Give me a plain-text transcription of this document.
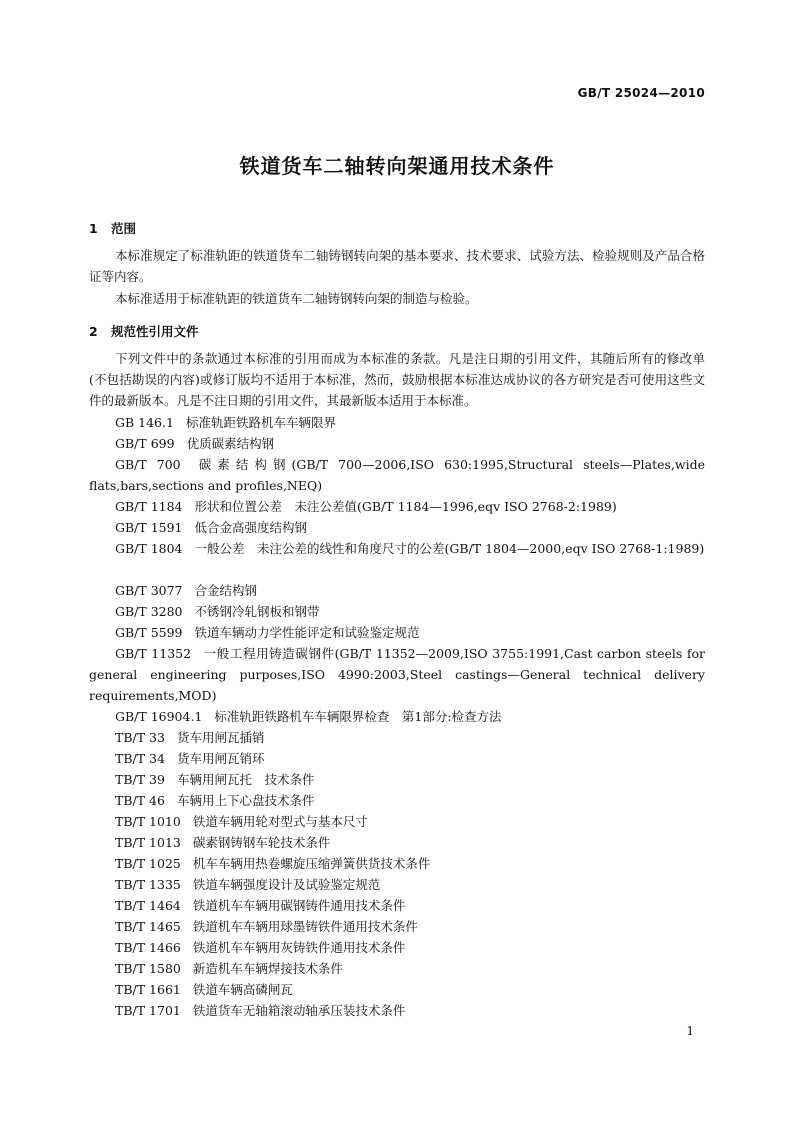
GB/T 25024—2010
铁道货车二轴转向架通用技术条件
1 范围
本标准规定了标准轨距的铁道货车二轴铸钢转向架的基本要求、技术要求、试验方法、检验规则及产品合格证等内容。
本标准适用于标准轨距的铁道货车二轴铸钢转向架的制造与检验。
2 规范性引用文件
下列文件中的条款通过本标准的引用而成为本标准的条款。凡是注日期的引用文件，其随后所有的修改单(不包括勘误的内容)或修订版均不适用于本标准，然而，鼓励根据本标准达成协议的各方研究是否可使用这些文件的最新版本。凡是不注日期的引用文件，其最新版本适用于本标准。
GB 146.1 标准轨距铁路机车车辆限界
GB/T 699 优质碳素结构钢
GB/T 700 碳素结构钢(GB/T 700—2006,ISO 630:1995,Structural steels—Plates,wide flats,bars,sections and profiles,NEQ)
GB/T 1184 形状和位置公差　未注公差值(GB/T 1184—1996,eqv ISO 2768-2:1989)
GB/T 1591 低合金高强度结构钢
GB/T 1804 一般公差　未注公差的线性和角度尺寸的公差(GB/T 1804—2000,eqv ISO 2768-1:1989)
GB/T 3077 合金结构钢
GB/T 3280 不锈钢冷轧钢板和钢带
GB/T 5599 铁道车辆动力学性能评定和试验鉴定规范
GB/T 11352 一般工程用铸造碳钢件(GB/T 11352—2009,ISO 3755:1991,Cast carbon steels for general engineering purposes,ISO 4990:2003,Steel castings—General technical delivery requirements,MOD)
GB/T 16904.1 标准轨距铁路机车车辆限界检查　第1部分:检查方法
TB/T 33 货车用闸瓦插销
TB/T 34 货车用闸瓦销环
TB/T 39 车辆用闸瓦托　技术条件
TB/T 46 车辆用上下心盘技术条件
TB/T 1010 铁道车辆用轮对型式与基本尺寸
TB/T 1013 碳素钢铸钢车轮技术条件
TB/T 1025 机车车辆用热卷螺旋压缩弹簧供货技术条件
TB/T 1335 铁道车辆强度设计及试验鉴定规范
TB/T 1464 铁道机车车辆用碳钢铸件通用技术条件
TB/T 1465 铁道机车车辆用球墨铸铁件通用技术条件
TB/T 1466 铁道机车车辆用灰铸铁件通用技术条件
TB/T 1580 新造机车车辆焊接技术条件
TB/T 1661 铁道车辆高磷闸瓦
TB/T 1701 铁道货车无轴箱滚动轴承压装技术条件
1
